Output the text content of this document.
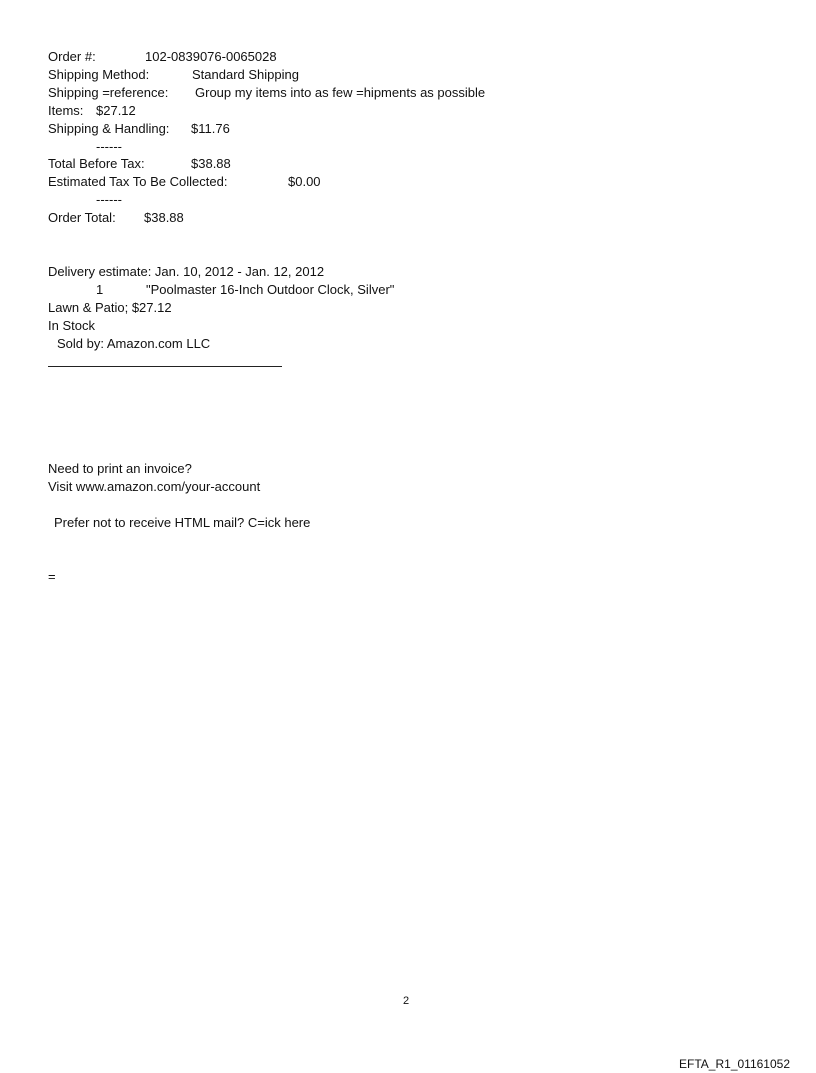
Order #:	102-0839076-0065028
Shipping Method:	Standard Shipping
Shipping =reference: Group my items into as few =hipments as possible
Items: $27.12
Shipping & Handling: $11.76
------
Total Before Tax:	$38.88
Estimated Tax To Be Collected:	$0.00
------
Order Total: $38.88
Delivery estimate: Jan. 10, 2012 - Jan. 12, 2012
1	"Poolmaster 16-Inch Outdoor Clock, Silver"
Lawn & Patio; $27.12
In Stock
Sold by: Amazon.com LLC
Need to print an invoice?
Visit www.amazon.com/your-account
Prefer not to receive HTML mail? C=ick here
=
2
EFTA_R1_01161052
